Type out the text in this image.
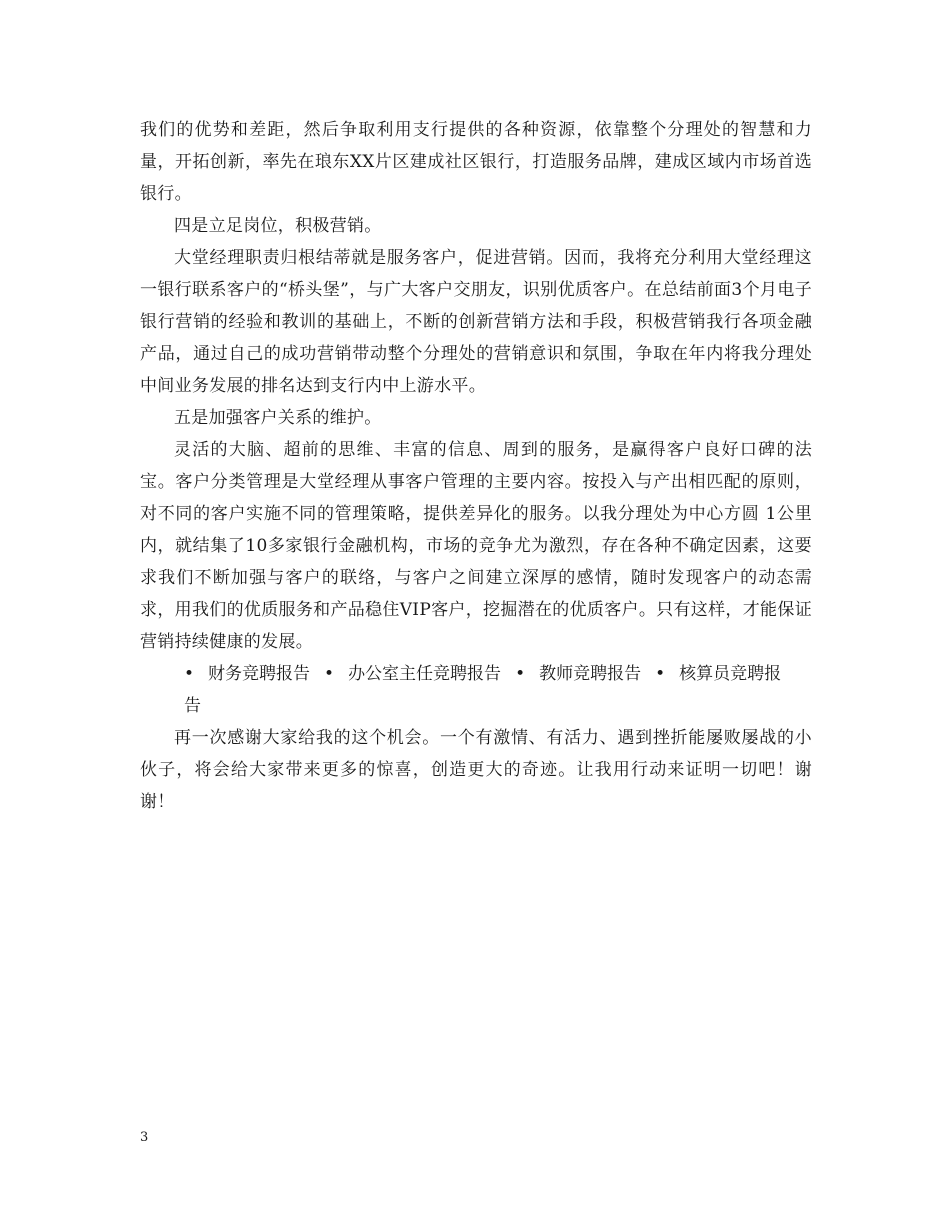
我们的优势和差距，然后争取利用支行提供的各种资源，依靠整个分理处的智慧和力量，开拓创新，率先在琅东XX片区建成社区银行，打造服务品牌，建成区域内市场首选银行。

四是立足岗位，积极营销。

大堂经理职责归根结蒂就是服务客户，促进营销。因而，我将充分利用大堂经理这一银行联系客户的“桥头堡”，与广大客户交朋友，识别优质客户。在总结前面3个月电子银行营销的经验和教训的基础上，不断的创新营销方法和手段，积极营销我行各项金融产品，通过自己的成功营销带动整个分理处的营销意识和氛围，争取在年内将我分理处中间业务发展的排名达到支行内中上游水平。

五是加强客户关系的维护。

灵活的大脑、超前的思维、丰富的信息、周到的服务，是赢得客户良好口碑的法宝。客户分类管理是大堂经理从事客户管理的主要内容。按投入与产出相匹配的原则，对不同的客户实施不同的管理策略，提供差异化的服务。以我分理处为中心方圆 1公里内，就结集了10多家银行金融机构，市场的竞争尤为激烈，存在各种不确定因素，这要求我们不断加强与客户的联络，与客户之间建立深厚的感情，随时发现客户的动态需求，用我们的优质服务和产品稳住VIP客户，挖掘潜在的优质客户。只有这样，才能保证营销持续健康的发展。

• 财务竞聘报告 • 办公室主任竞聘报告 • 教师竞聘报告 • 核算员竞聘报告

再一次感谢大家给我的这个机会。一个有激情、有活力、遇到挫折能屡败屡战的小伙子，将会给大家带来更多的惊喜，创造更大的奇迹。让我用行动来证明一切吧！谢谢！

3
